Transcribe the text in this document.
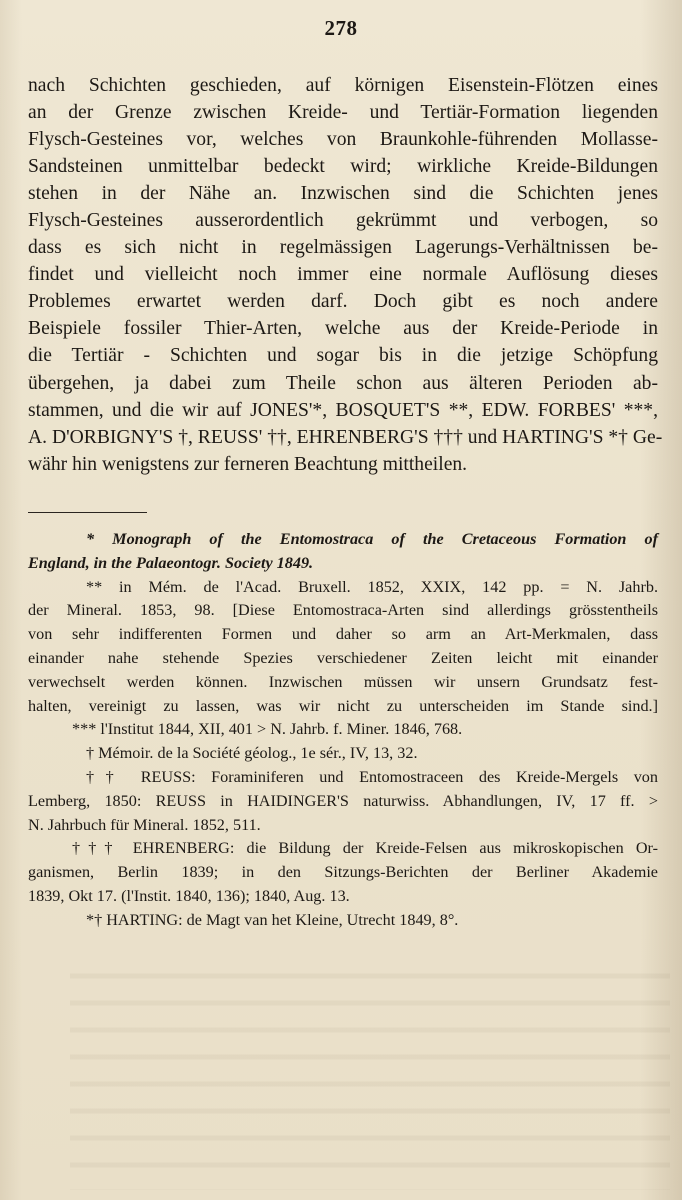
278
nach Schichten geschieden, auf körnigen Eisenstein-Flötzen eines
an der Grenze zwischen Kreide- und Tertiär-Formation liegenden
Flysch-Gesteines vor, welches von Braunkohle-führenden Mollasse-
Sandsteinen unmittelbar bedeckt wird; wirkliche Kreide-Bildungen
stehen in der Nähe an. Inzwischen sind die Schichten jenes
Flysch-Gesteines ausserordentlich gekrümmt und verbogen, so
dass es sich nicht in regelmässigen Lagerungs-Verhältnissen be-
findet und vielleicht noch immer eine normale Auflösung dieses
Problemes erwartet werden darf. Doch gibt es noch andere
Beispiele fossiler Thier-Arten, welche aus der Kreide-Periode in
die Tertiär - Schichten und sogar bis in die jetzige Schöpfung
übergehen, ja dabei zum Theile schon aus älteren Perioden ab-
stammen, und die wir auf JONES'*, BOSQUET'S **, EDW. FORBES' ***,
A. D'ORBIGNY'S †, REUSS' ††, EHRENBERG'S ††† und HARTING'S *† Ge-
währ hin wenigstens zur ferneren Beachtung mittheilen.
* Monograph of the Entomostraca of the Cretaceous Formation of
England, in the Palaeontogr. Society 1849.
** in Mém. de l'Acad. Bruxell. 1852, XXIX, 142 pp. = N. Jahrb.
der Mineral. 1853, 98. [Diese Entomostraca-Arten sind allerdings grösstentheils
von sehr indifferenten Formen und daher so arm an Art-Merkmalen, dass
einander nahe stehende Spezies verschiedener Zeiten leicht mit einander
verwechselt werden können. Inzwischen müssen wir unsern Grundsatz fest-
halten, vereinigt zu lassen, was wir nicht zu unterscheiden im Stande sind.]
*** l'Institut 1844, XII, 401 > N. Jahrb. f. Miner. 1846, 768.
† Mémoir. de la Société géolog., 1e sér., IV, 13, 32.
†† REUSS: Foraminiferen und Entomostraceen des Kreide-Mergels von
Lemberg, 1850: REUSS in HAIDINGER'S naturwiss. Abhandlungen, IV, 17 ff. >
N. Jahrbuch für Mineral. 1852, 511.
††† EHRENBERG: die Bildung der Kreide-Felsen aus mikroskopischen Or-
ganismen, Berlin 1839; in den Sitzungs-Berichten der Berliner Akademie
1839, Okt 17. (l'Instit. 1840, 136); 1840, Aug. 13.
*† HARTING: de Magt van het Kleine, Utrecht 1849, 8°.
